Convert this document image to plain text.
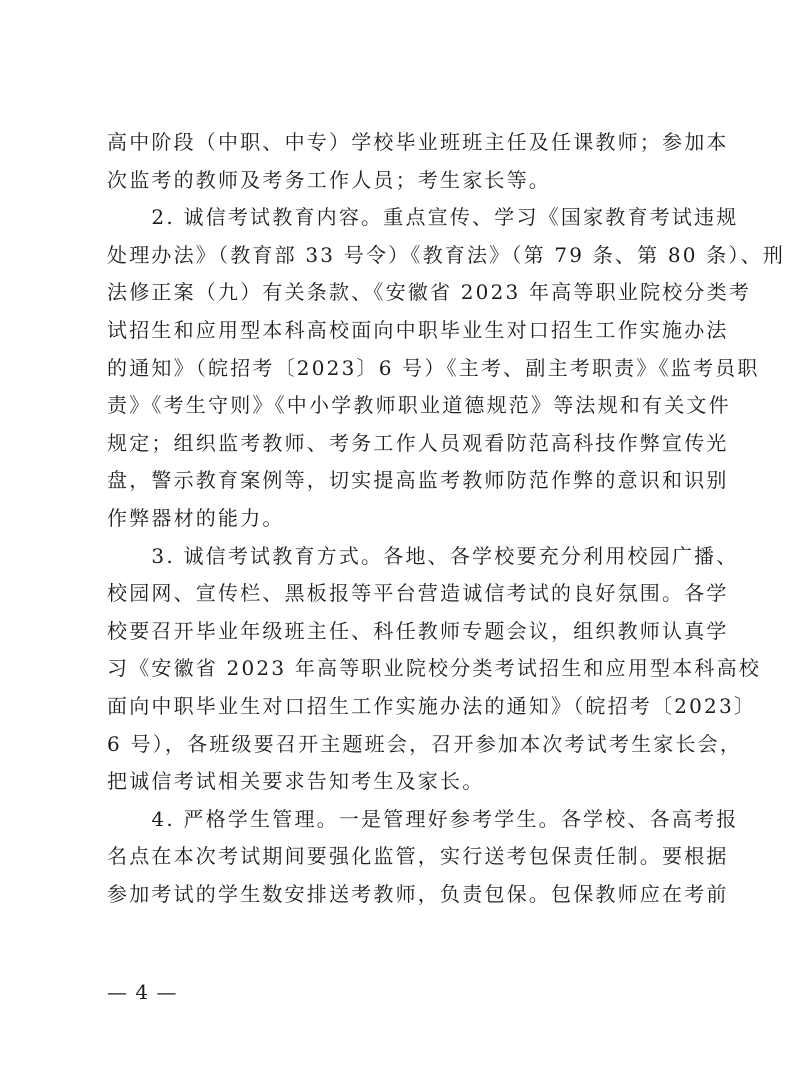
高中阶段（中职、中专）学校毕业班班主任及任课教师；参加本
次监考的教师及考务工作人员；考生家长等。
　　2. 诚信考试教育内容。重点宣传、学习《国家教育考试违规
处理办法》（教育部 33 号令）《教育法》（第 79 条、第 80 条）、刑
法修正案（九）有关条款、《安徽省 2023 年高等职业院校分类考
试招生和应用型本科高校面向中职毕业生对口招生工作实施办法
的通知》（皖招考〔2023〕6 号）《主考、副主考职责》《监考员职
责》《考生守则》《中小学教师职业道德规范》等法规和有关文件
规定；组织监考教师、考务工作人员观看防范高科技作弊宣传光
盘，警示教育案例等，切实提高监考教师防范作弊的意识和识别
作弊器材的能力。
　　3. 诚信考试教育方式。各地、各学校要充分利用校园广播、
校园网、宣传栏、黑板报等平台营造诚信考试的良好氛围。各学
校要召开毕业年级班主任、科任教师专题会议，组织教师认真学
习《安徽省 2023 年高等职业院校分类考试招生和应用型本科高校
面向中职毕业生对口招生工作实施办法的通知》（皖招考〔2023〕
6 号），各班级要召开主题班会，召开参加本次考试考生家长会，
把诚信考试相关要求告知考生及家长。
　　4. 严格学生管理。一是管理好参考学生。各学校、各高考报
名点在本次考试期间要强化监管，实行送考包保责任制。要根据
参加考试的学生数安排送考教师，负责包保。包保教师应在考前
— 4 —
